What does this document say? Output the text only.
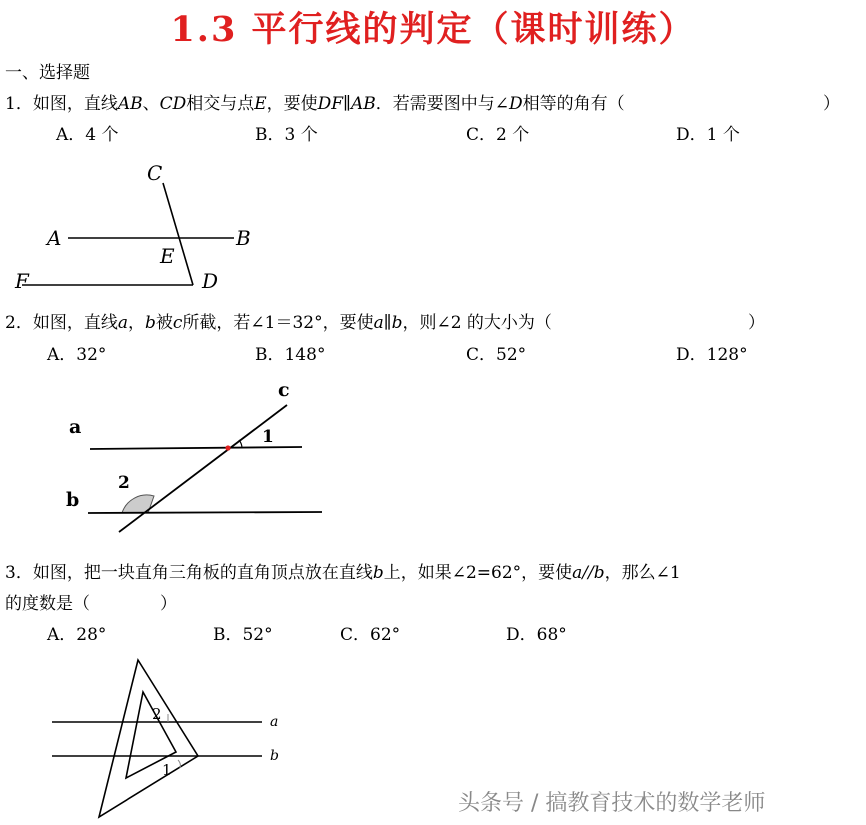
1.3 平行线的判定（课时训练）
一、选择题
1．如图，直线AB、CD相交与点E，要使DF∥AB．若需要图中与∠D相等的角有（	）
A．4 个	B．3 个	C．2 个	D．1 个
C
A	B
E
F	D
2．如图，直线a，b被c所截，若∠1＝32°，要使a∥b，则∠2 的大小为（	）
A．32°	B．148°	C．52°	D．128°
c
a
b
1
2
3．如图，把一块直角三角板的直角顶点放在直线b上，如果∠2=62°，要使a//b，那么∠1
的度数是（	）
A．28°	B．52°	C．62°	D．68°
a
b
2
1
头条号 / 搞教育技术的数学老师
